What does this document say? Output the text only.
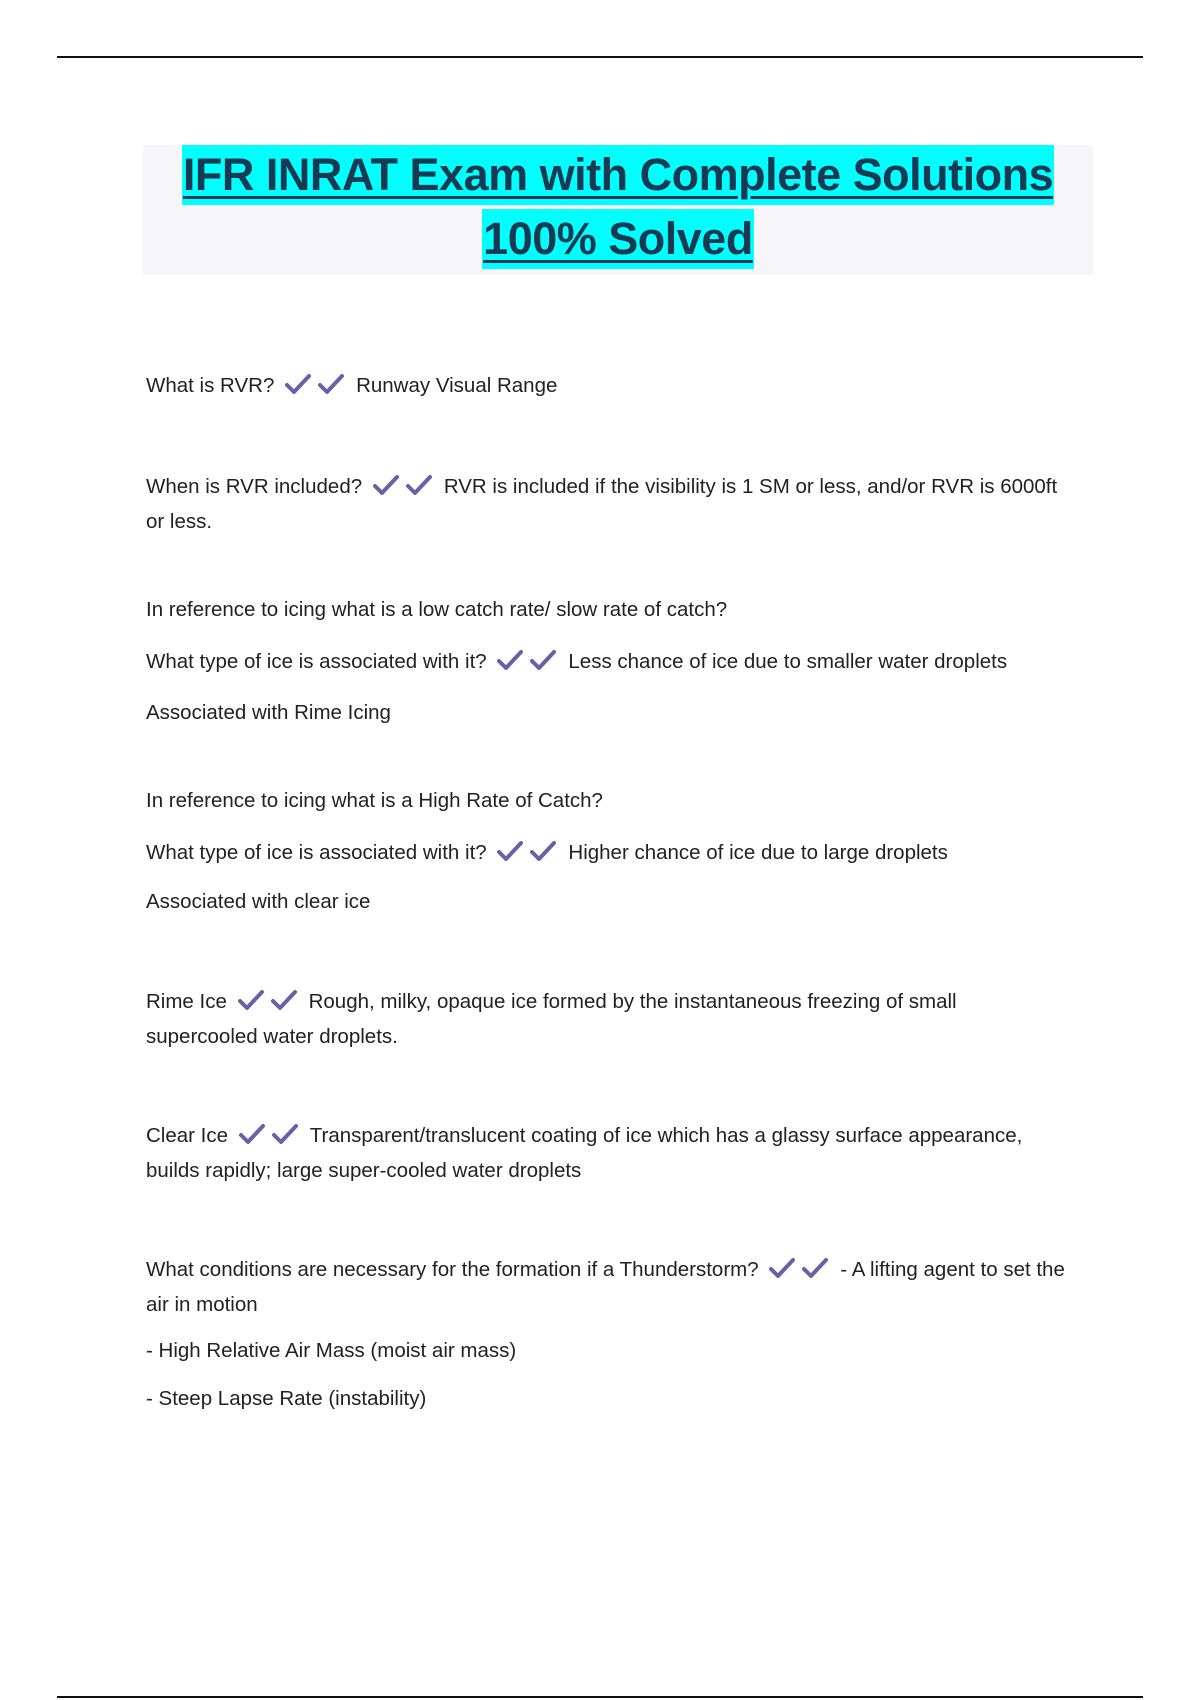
IFR INRAT Exam with Complete Solutions
100% Solved

What is RVR?	Runway Visual Range

When is RVR included?	RVR is included if the visibility is 1 SM or less, and/or RVR is 6000ft or less.

In reference to icing what is a low catch rate/ slow rate of catch?

What type of ice is associated with it?	Less chance of ice due to smaller water droplets

Associated with Rime Icing

In reference to icing what is a High Rate of Catch?

What type of ice is associated with it?	Higher chance of ice due to large droplets

Associated with clear ice

Rime Ice	Rough, milky, opaque ice formed by the instantaneous freezing of small supercooled water droplets.

Clear Ice	Transparent/translucent coating of ice which has a glassy surface appearance, builds rapidly; large super-cooled water droplets

What conditions are necessary for the formation if a Thunderstorm?	- A lifting agent to set the air in motion

- High Relative Air Mass (moist air mass)

- Steep Lapse Rate (instability)
